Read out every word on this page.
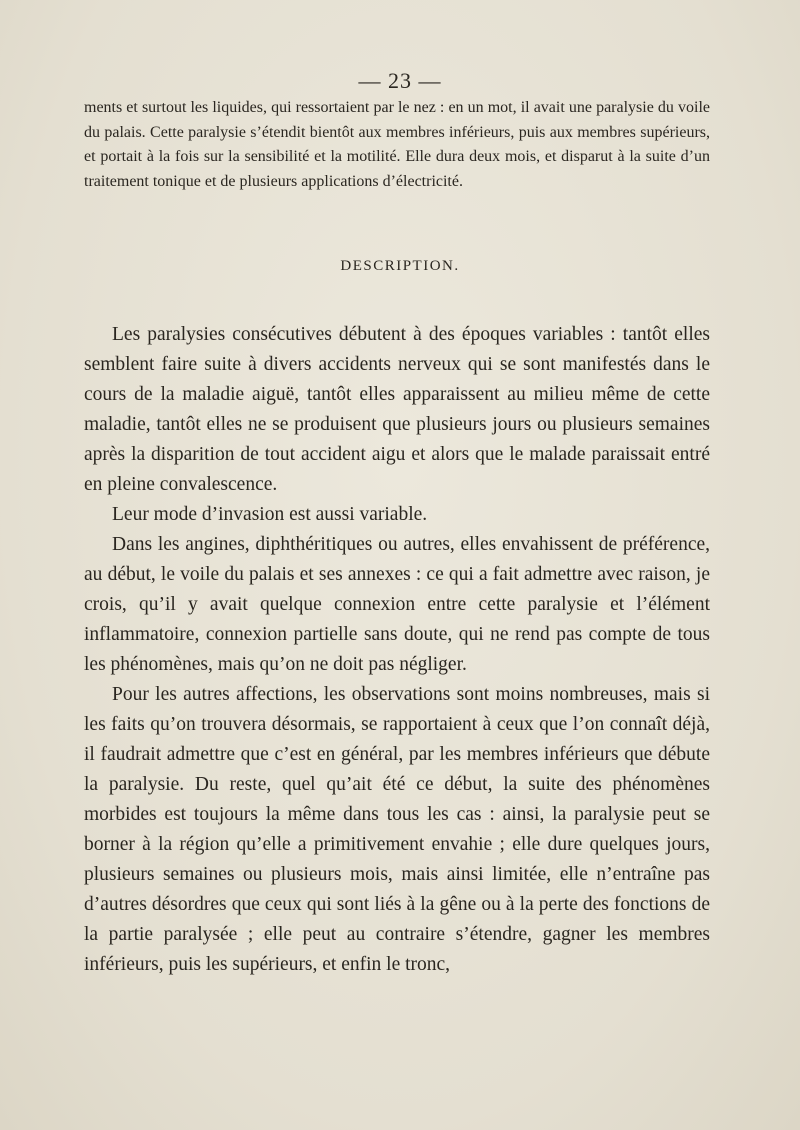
— 23 —

ments et surtout les liquides, qui ressortaient par le nez : en un mot, il avait une paralysie du voile du palais. Cette paralysie s’étendit bientôt aux membres inférieurs, puis aux membres supérieurs, et portait à la fois sur la sensibilité et la motilité. Elle dura deux mois, et disparut à la suite d’un traitement tonique et de plusieurs applications d’électricité.

DESCRIPTION.

Les paralysies consécutives débutent à des époques variables : tantôt elles semblent faire suite à divers accidents nerveux qui se sont manifestés dans le cours de la maladie aiguë, tantôt elles apparaissent au milieu même de cette maladie, tantôt elles ne se produisent que plusieurs jours ou plusieurs semaines après la disparition de tout accident aigu et alors que le malade paraissait entré en pleine convalescence.

Leur mode d’invasion est aussi variable.

Dans les angines, diphthéritiques ou autres, elles envahissent de préférence, au début, le voile du palais et ses annexes : ce qui a fait admettre avec raison, je crois, qu’il y avait quelque connexion entre cette paralysie et l’élément inflammatoire, connexion partielle sans doute, qui ne rend pas compte de tous les phénomènes, mais qu’on ne doit pas négliger.

Pour les autres affections, les observations sont moins nombreuses, mais si les faits qu’on trouvera désormais, se rapportaient à ceux que l’on connaît déjà, il faudrait admettre que c’est en général, par les membres inférieurs que débute la paralysie. Du reste, quel qu’ait été ce début, la suite des phénomènes morbides est toujours la même dans tous les cas : ainsi, la paralysie peut se borner à la région qu’elle a primitivement envahie ; elle dure quelques jours, plusieurs semaines ou plusieurs mois, mais ainsi limitée, elle n’entraîne pas d’autres désordres que ceux qui sont liés à la gêne ou à la perte des fonctions de la partie paralysée ; elle peut au contraire s’étendre, gagner les membres inférieurs, puis les supérieurs, et enfin le tronc,
